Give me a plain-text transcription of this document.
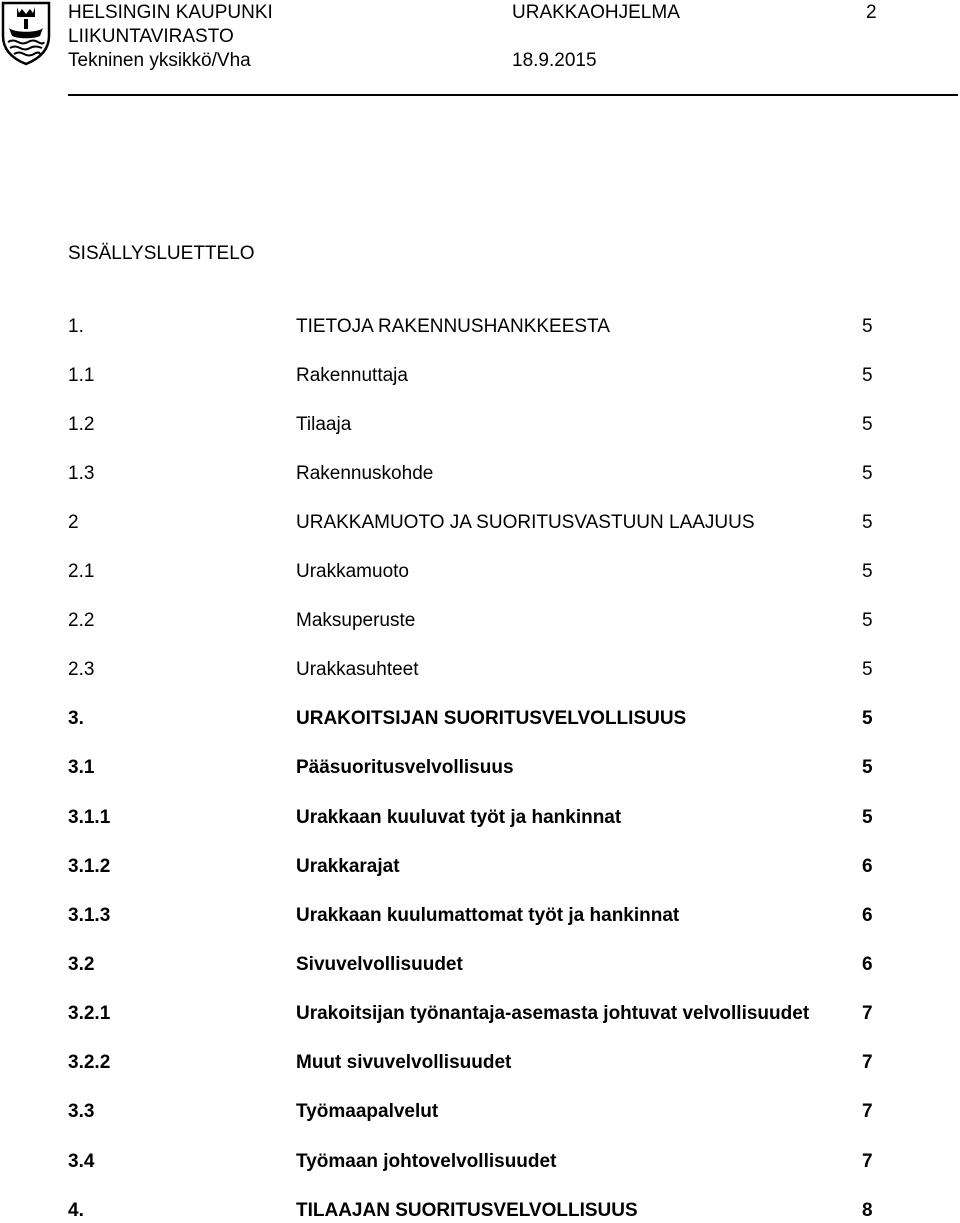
HELSINGIN KAUPUNKI
LIIKUNTAVIRASTO
Tekninen yksikkö/Vha
URAKKAOHJELMA	2
18.9.2015
SISÄLLYSLUETTELO
1.	TIETOJA RAKENNUSHANKKEESTA	5
1.1	Rakennuttaja	5
1.2	Tilaaja	5
1.3	Rakennuskohde	5
2	URAKKAMUOTO JA SUORITUSVASTUUN LAAJUUS	5
2.1	Urakkamuoto	5
2.2	Maksuperuste	5
2.3	Urakkasuhteet	5
3.	URAKOITSIJAN SUORITUSVELVOLLISUUS	5
3.1	Pääsuoritusvelvollisuus	5
3.1.1	Urakkaan kuuluvat työt ja hankinnat	5
3.1.2	Urakkarajat	6
3.1.3	Urakkaan kuulumattomat työt ja hankinnat	6
3.2	Sivuvelvollisuudet	6
3.2.1	Urakoitsijan työnantaja-asemasta johtuvat velvollisuudet	7
3.2.2	Muut sivuvelvollisuudet	7
3.3	Työmaapalvelut	7
3.4	Työmaan johtovelvollisuudet	7
4.	TILAAJAN SUORITUSVELVOLLISUUS	8
